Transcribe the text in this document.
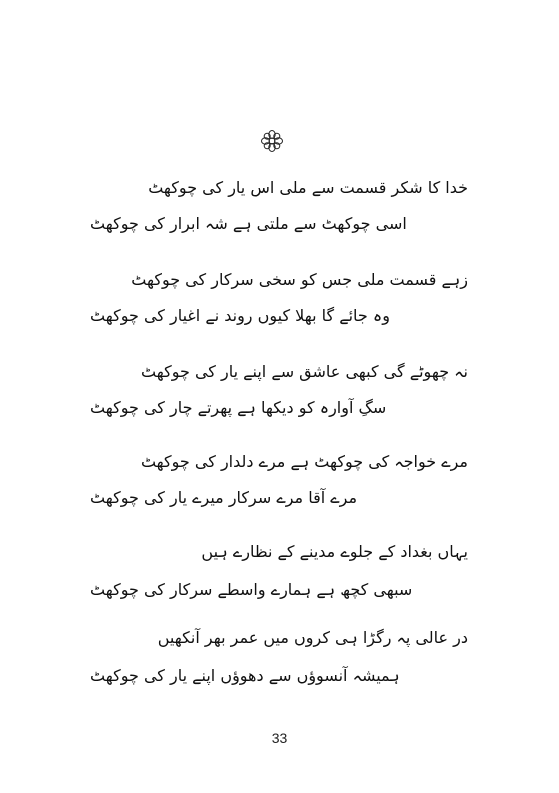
خدا کا شکر قسمت سے ملی اس یار کی چوکھٹ
اسی چوکھٹ سے ملتی ہے شہ ابرار کی چوکھٹ
زہے قسمت ملی جس کو سخی سرکار کی چوکھٹ
وہ جائے گا بھلا کیوں روند نے اغیار کی چوکھٹ
نہ چھوٹے گی کبھی عاشق سے اپنے یار کی چوکھٹ
سگِ آوارہ کو دیکھا ہے پھرتے چار کی چوکھٹ
مرے خواجہ کی چوکھٹ ہے مرے دلدار کی چوکھٹ
مرے آقا مرے سرکار میرے یار کی چوکھٹ
یہاں بغداد کے جلوے مدینے کے نظارے ہیں
سبھی کچھ ہے ہمارے واسطے سرکار کی چوکھٹ
در عالی پہ رگڑا ہی کروں میں عمر بھر آنکھیں
ہمیشہ آنسوؤں سے دھوؤں اپنے یار کی چوکھٹ
33
